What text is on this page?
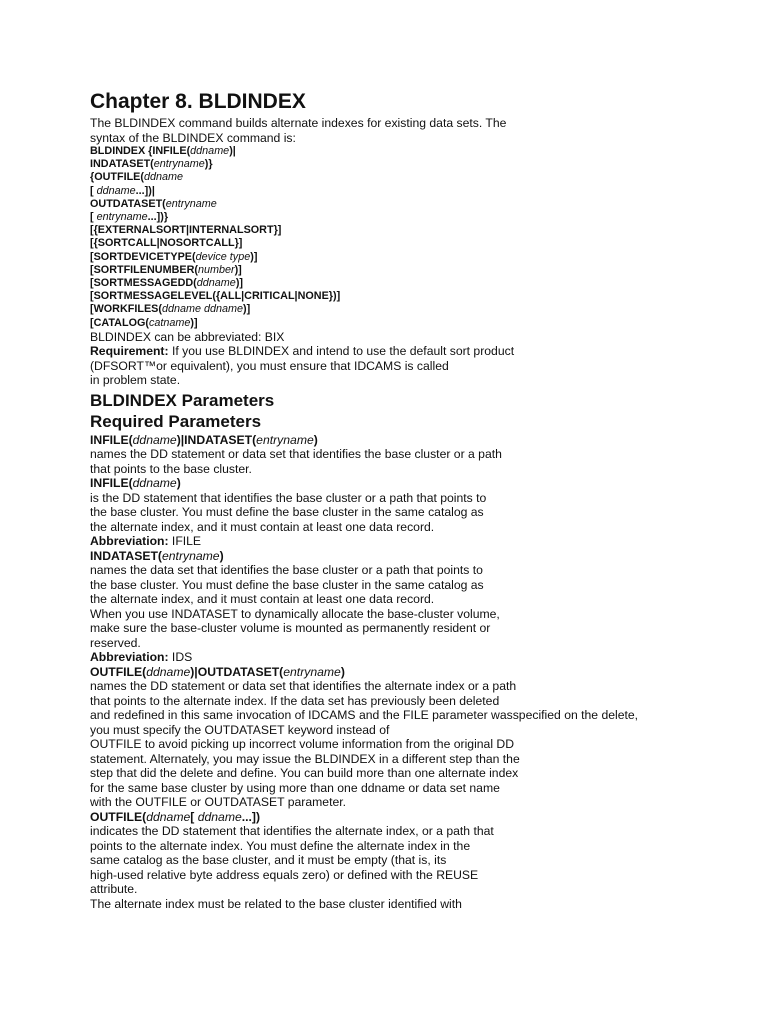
Chapter 8. BLDINDEX
The BLDINDEX command builds alternate indexes for existing data sets. The
syntax of the BLDINDEX command is:
BLDINDEX {INFILE(ddname)|
INDATASET(entryname)}
{OUTFILE(ddname
[ ddname...])|
OUTDATASET(entryname
[ entryname...])}
[{EXTERNALSORT|INTERNALSORT}]
[{SORTCALL|NOSORTCALL}]
[SORTDEVICETYPE(device type)]
[SORTFILENUMBER(number)]
[SORTMESSAGEDD(ddname)]
[SORTMESSAGELEVEL({ALL|CRITICAL|NONE})]
[WORKFILES(ddname ddname)]
[CATALOG(catname)]
BLDINDEX can be abbreviated: BIX
Requirement: If you use BLDINDEX and intend to use the default sort product
(DFSORT™or equivalent), you must ensure that IDCAMS is called
in problem state.
BLDINDEX Parameters
Required Parameters
INFILE(ddname)|INDATASET(entryname)
names the DD statement or data set that identifies the base cluster or a path
that points to the base cluster.
INFILE(ddname)
is the DD statement that identifies the base cluster or a path that points to
the base cluster. You must define the base cluster in the same catalog as
the alternate index, and it must contain at least one data record.
Abbreviation: IFILE
INDATASET(entryname)
names the data set that identifies the base cluster or a path that points to
the base cluster. You must define the base cluster in the same catalog as
the alternate index, and it must contain at least one data record.
When you use INDATASET to dynamically allocate the base-cluster volume,
make sure the base-cluster volume is mounted as permanently resident or
reserved.
Abbreviation: IDS
OUTFILE(ddname)|OUTDATASET(entryname)
names the DD statement or data set that identifies the alternate index or a path
that points to the alternate index. If the data set has previously been deleted
and redefined in this same invocation of IDCAMS and the FILE parameter wasspecified on the delete,
you must specify the OUTDATASET keyword instead of
OUTFILE to avoid picking up incorrect volume information from the original DD
statement. Alternately, you may issue the BLDINDEX in a different step than the
step that did the delete and define. You can build more than one alternate index
for the same base cluster by using more than one ddname or data set name
with the OUTFILE or OUTDATASET parameter.
OUTFILE(ddname[ ddname...])
indicates the DD statement that identifies the alternate index, or a path that
points to the alternate index. You must define the alternate index in the
same catalog as the base cluster, and it must be empty (that is, its
high-used relative byte address equals zero) or defined with the REUSE
attribute.
The alternate index must be related to the base cluster identified with
